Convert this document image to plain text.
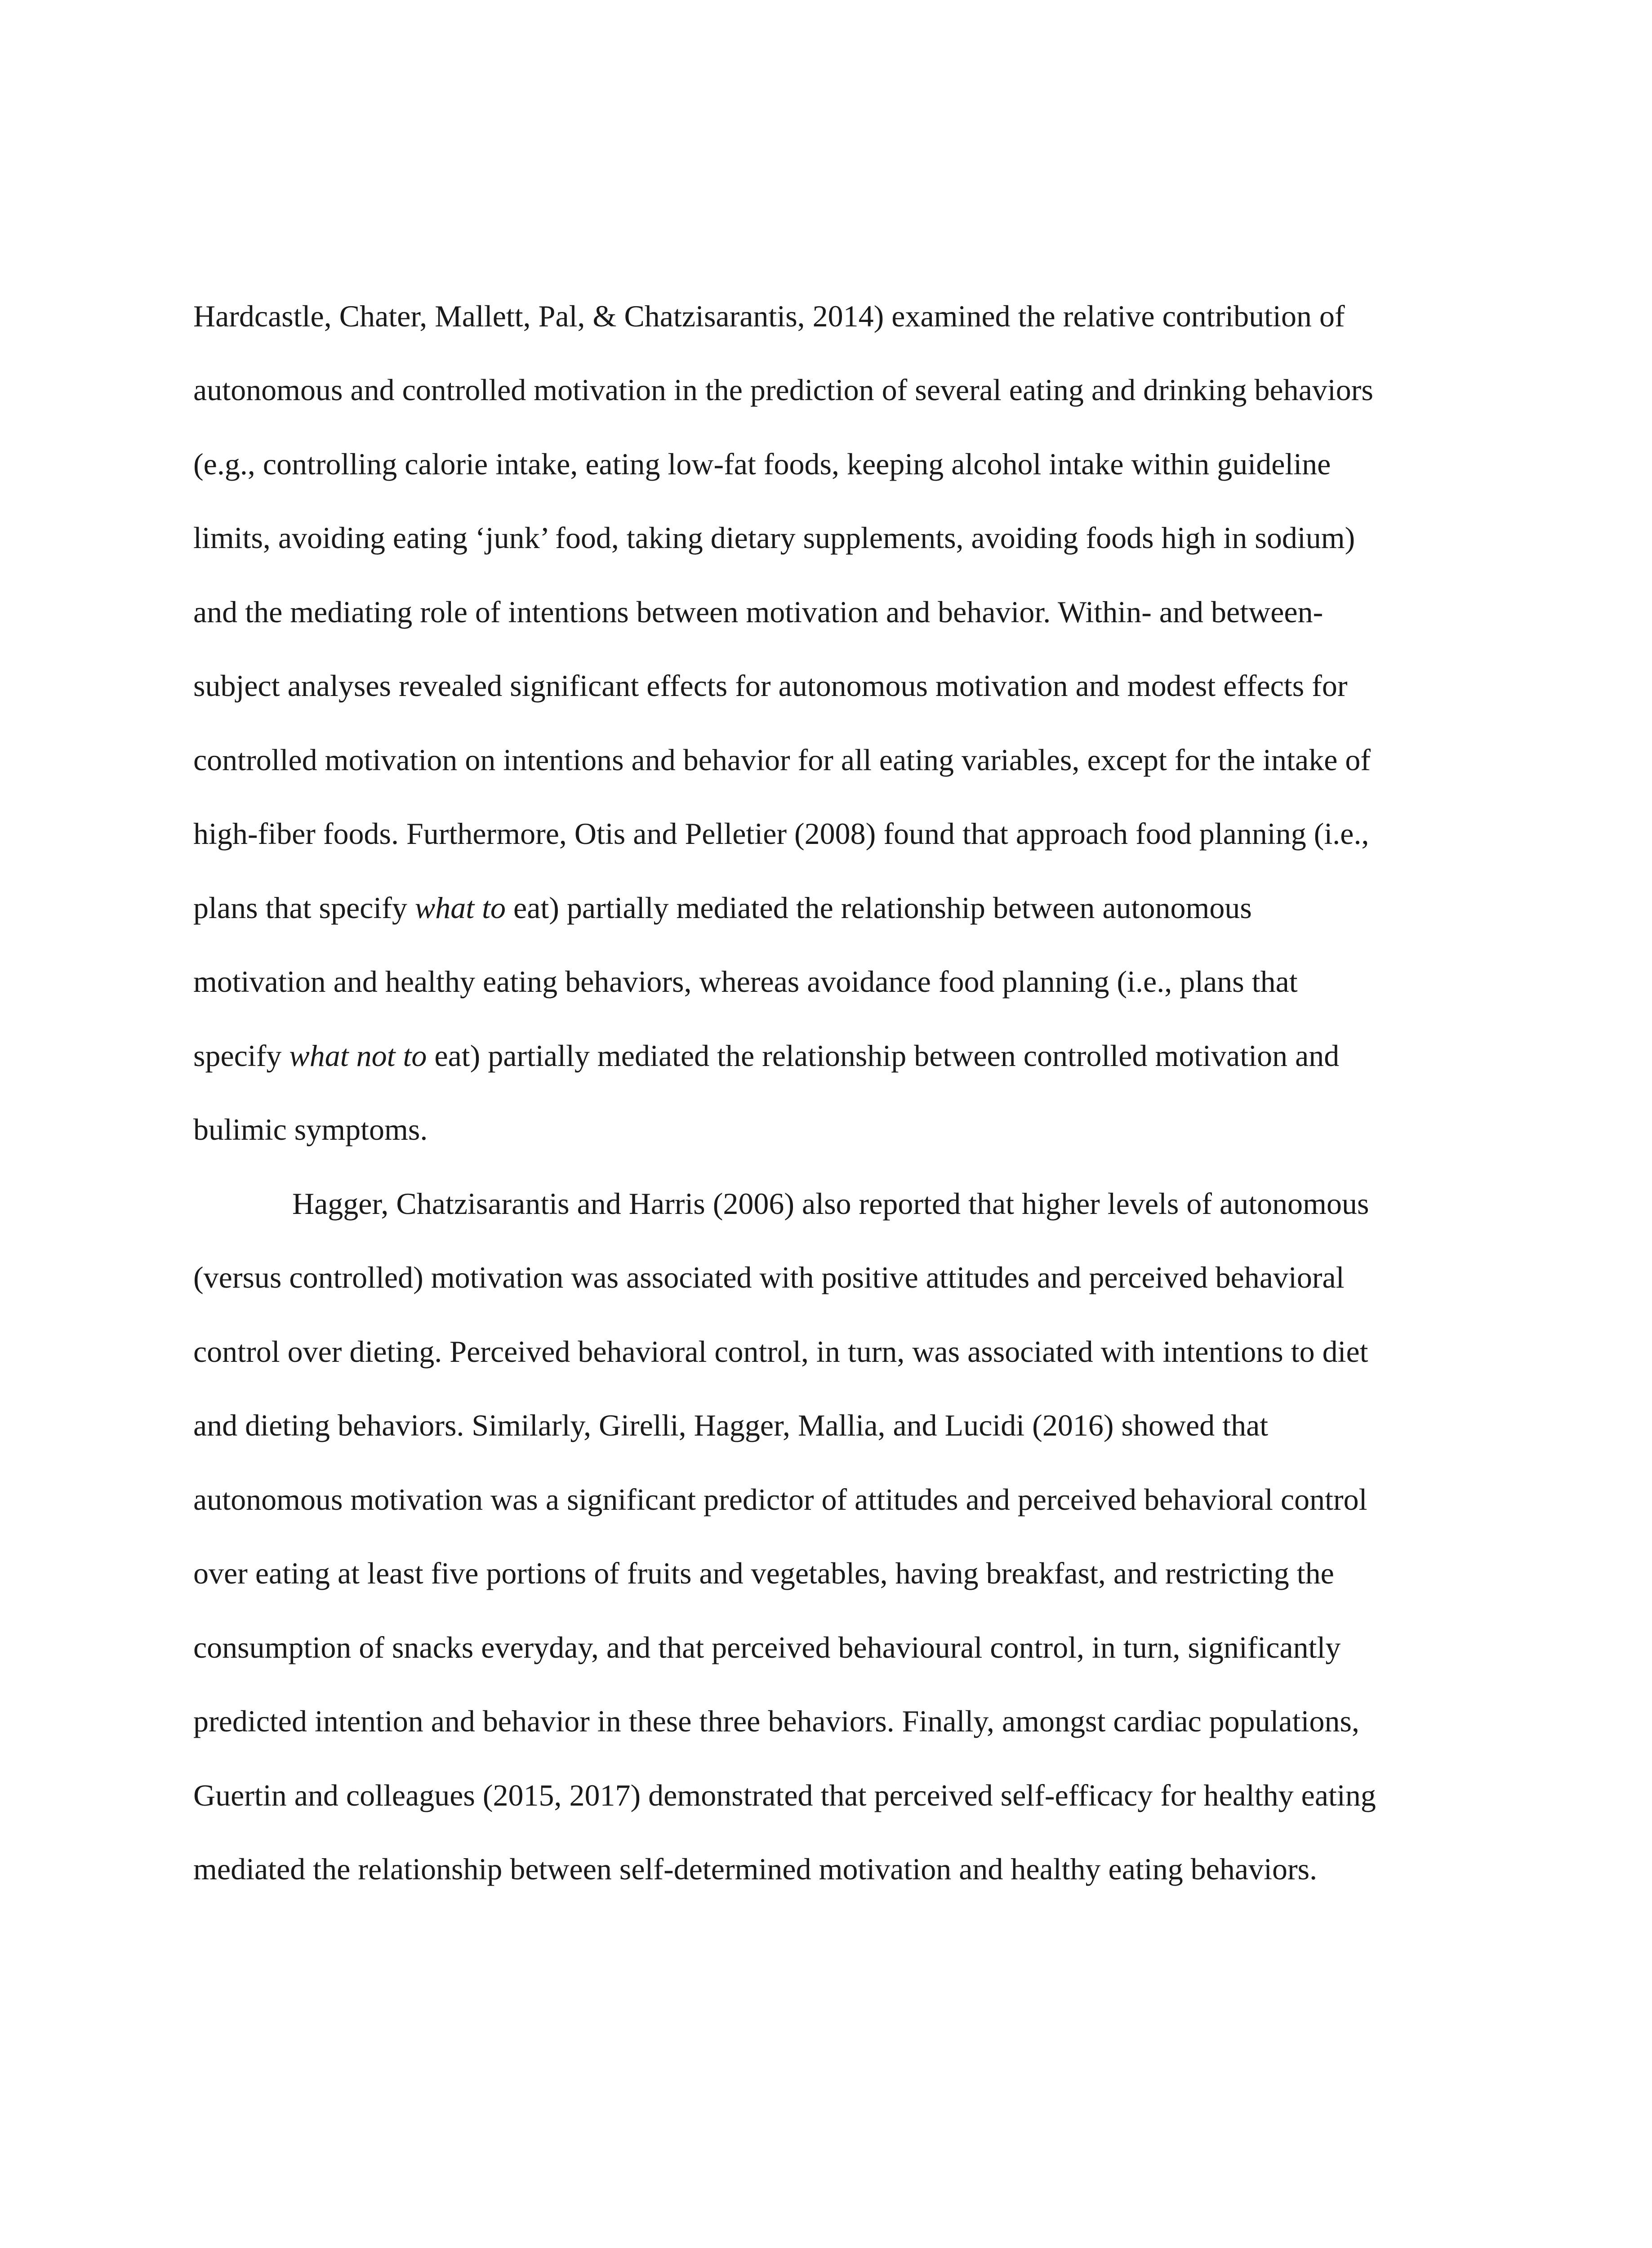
Hardcastle, Chater, Mallett, Pal, & Chatzisarantis, 2014) examined the relative contribution of
autonomous and controlled motivation in the prediction of several eating and drinking behaviors
(e.g., controlling calorie intake, eating low-fat foods, keeping alcohol intake within guideline
limits, avoiding eating ‘junk’ food, taking dietary supplements, avoiding foods high in sodium)
and the mediating role of intentions between motivation and behavior. Within- and between-
subject analyses revealed significant effects for autonomous motivation and modest effects for
controlled motivation on intentions and behavior for all eating variables, except for the intake of
high-fiber foods. Furthermore, Otis and Pelletier (2008) found that approach food planning (i.e.,
plans that specify what to eat) partially mediated the relationship between autonomous
motivation and healthy eating behaviors, whereas avoidance food planning (i.e., plans that
specify what not to eat) partially mediated the relationship between controlled motivation and
bulimic symptoms.
Hagger, Chatzisarantis and Harris (2006) also reported that higher levels of autonomous
(versus controlled) motivation was associated with positive attitudes and perceived behavioral
control over dieting. Perceived behavioral control, in turn, was associated with intentions to diet
and dieting behaviors. Similarly, Girelli, Hagger, Mallia, and Lucidi (2016) showed that
autonomous motivation was a significant predictor of attitudes and perceived behavioral control
over eating at least five portions of fruits and vegetables, having breakfast, and restricting the
consumption of snacks everyday, and that perceived behavioural control, in turn, significantly
predicted intention and behavior in these three behaviors. Finally, amongst cardiac populations,
Guertin and colleagues (2015, 2017) demonstrated that perceived self-efficacy for healthy eating
mediated the relationship between self-determined motivation and healthy eating behaviors.
